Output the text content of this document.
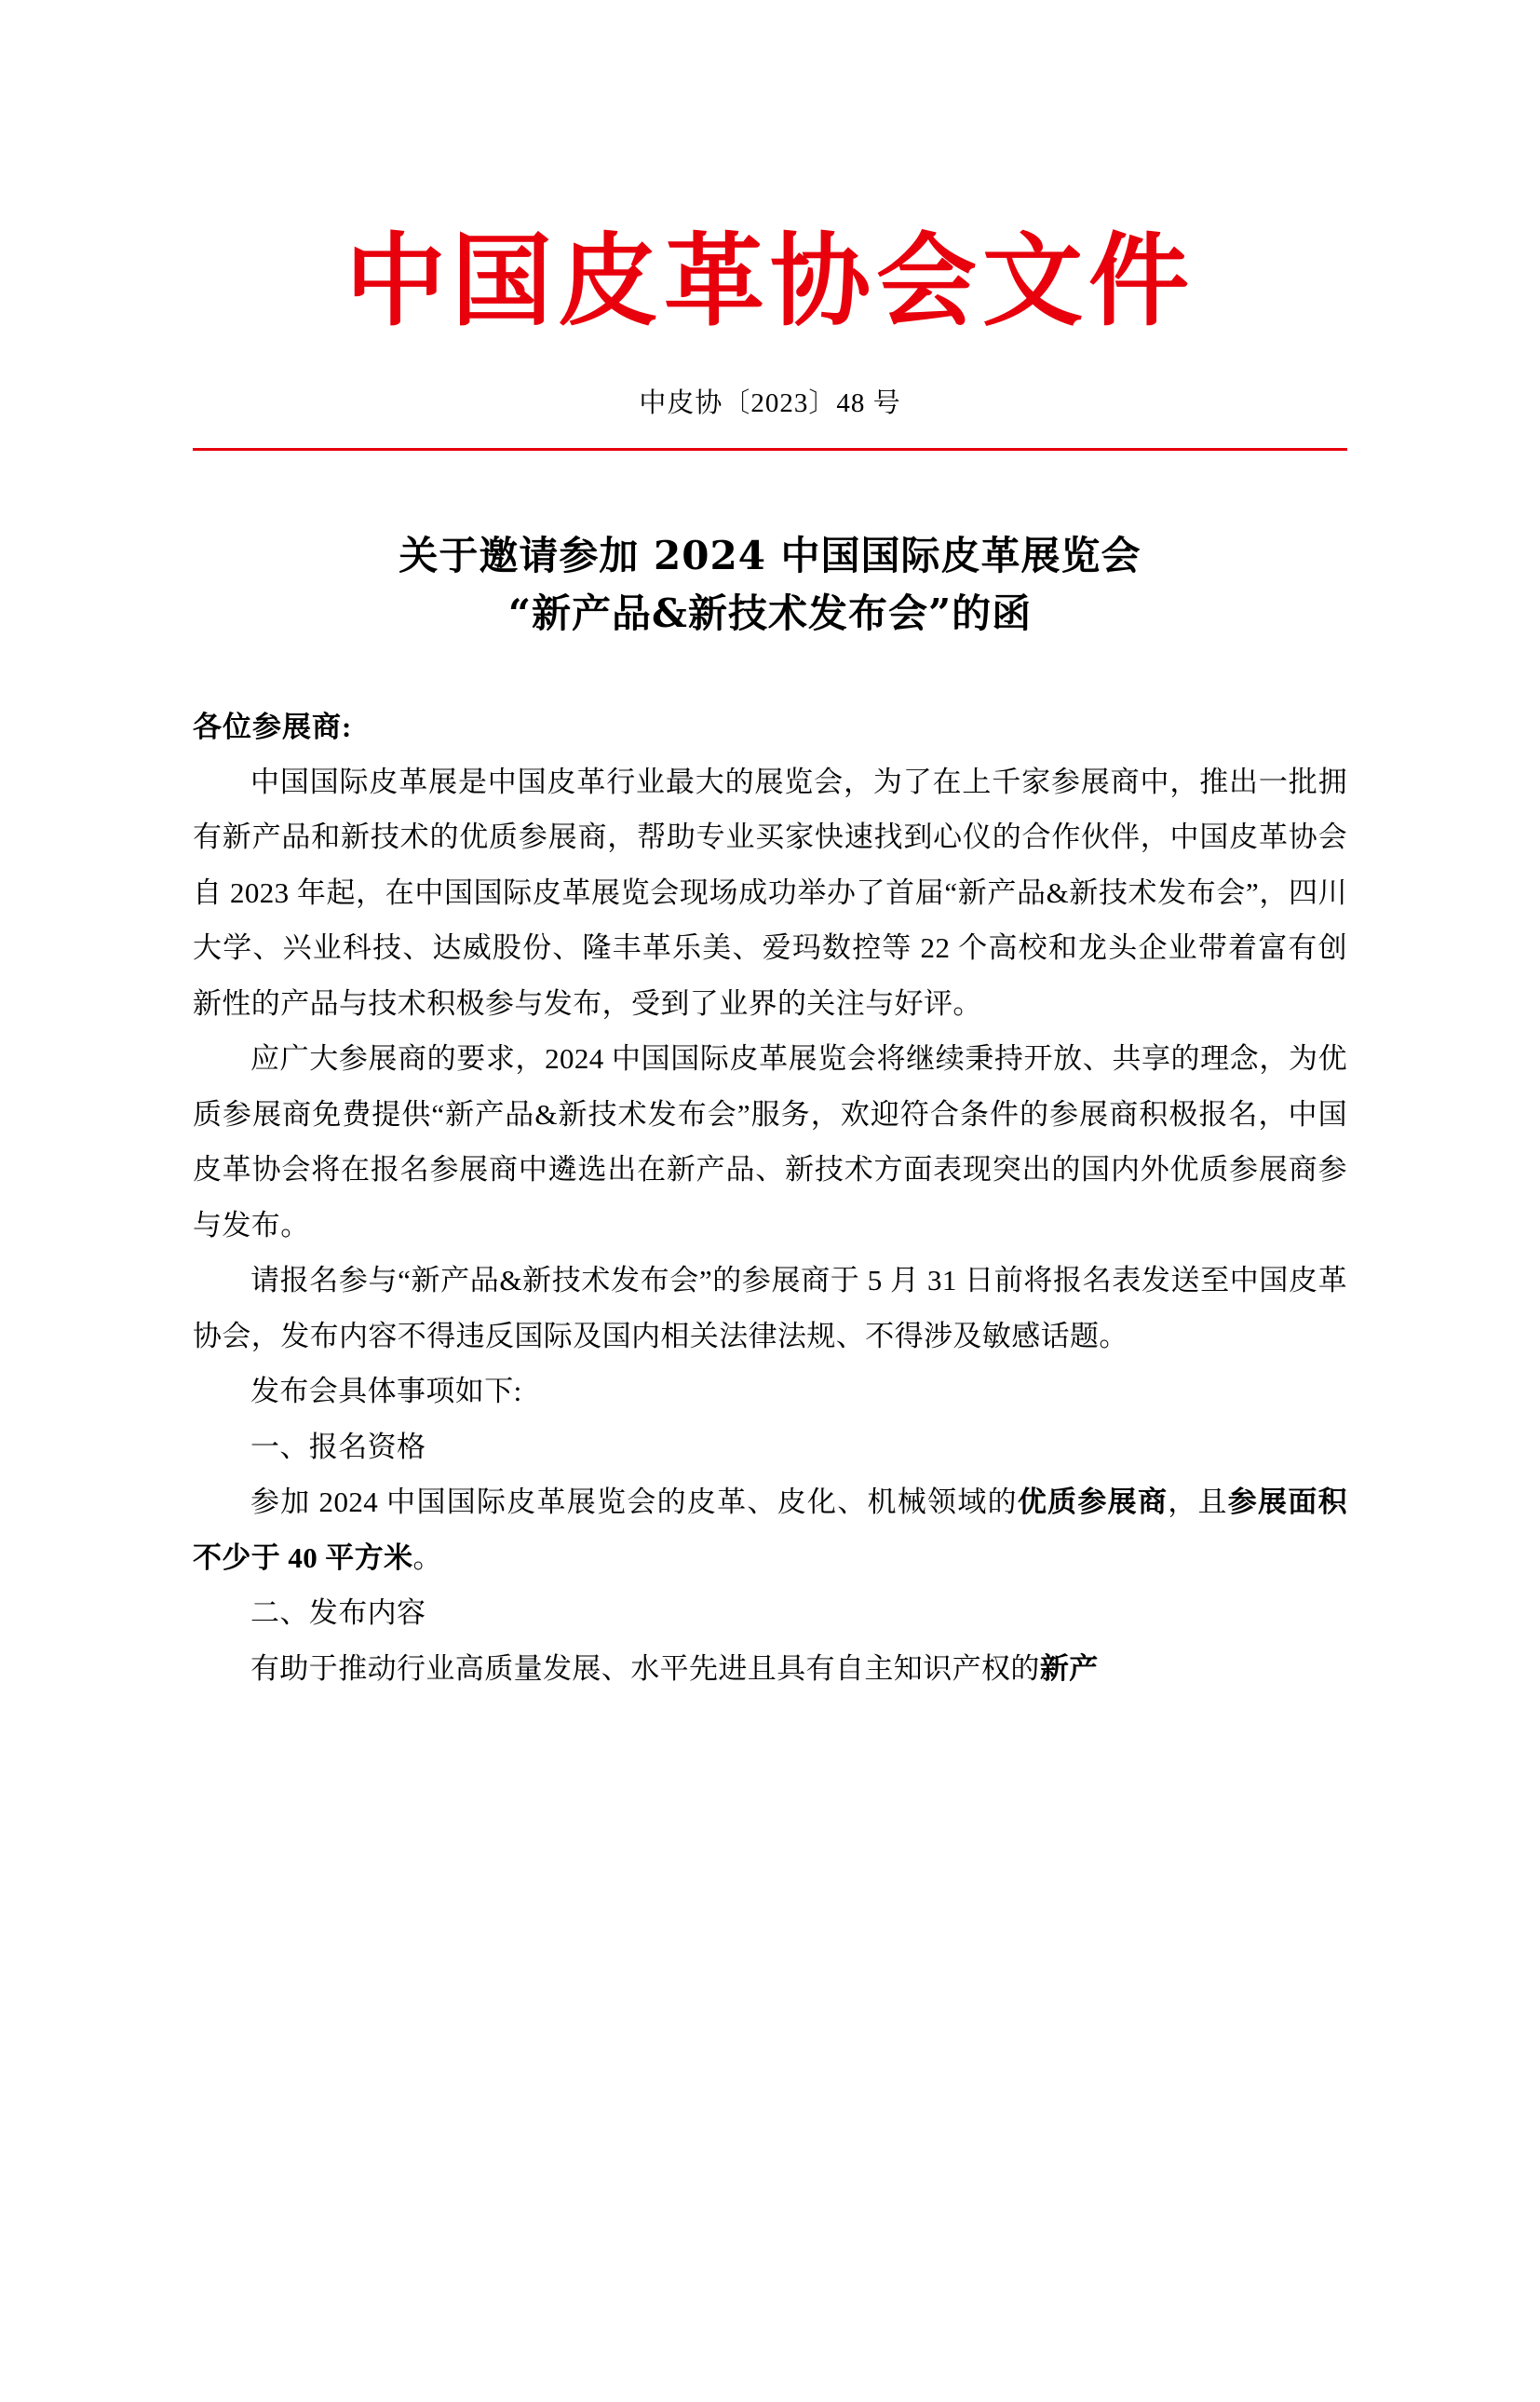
中国皮革协会文件
中皮协〔2023〕48 号
关于邀请参加 2024 中国国际皮革展览会
“新产品&新技术发布会”的函
各位参展商:

中国国际皮革展是中国皮革行业最大的展览会，为了在上千家参展商中，推出一批拥有新产品和新技术的优质参展商，帮助专业买家快速找到心仪的合作伙伴，中国皮革协会自 2023 年起，在中国国际皮革展览会现场成功举办了首届“新产品&新技术发布会”，四川大学、兴业科技、达威股份、隆丰革乐美、爱玛数控等 22 个高校和龙头企业带着富有创新性的产品与技术积极参与发布，受到了业界的关注与好评。

应广大参展商的要求，2024 中国国际皮革展览会将继续秉持开放、共享的理念，为优质参展商免费提供“新产品&新技术发布会”服务，欢迎符合条件的参展商积极报名，中国皮革协会将在报名参展商中遴选出在新产品、新技术方面表现突出的国内外优质参展商参与发布。

请报名参与“新产品&新技术发布会”的参展商于 5 月 31 日前将报名表发送至中国皮革协会，发布内容不得违反国际及国内相关法律法规、不得涉及敏感话题。

发布会具体事项如下:

一、报名资格

参加 2024 中国国际皮革展览会的皮革、皮化、机械领域的优质参展商，且参展面积不少于 40 平方米。

二、发布内容

有助于推动行业高质量发展、水平先进且具有自主知识产权的新产
